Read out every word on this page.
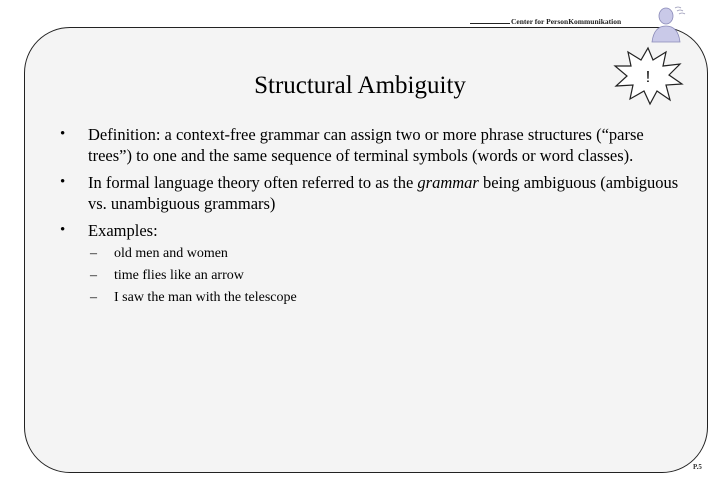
Center for PersonKommunikation
!
Structural Ambiguity
• Definition: a context-free grammar can assign two or more phrase structures (“parse trees”) to one and the same sequence of terminal symbols (words or word classes).
• In formal language theory often referred to as the grammar being ambiguous (ambiguous vs. unambiguous grammars)
• Examples:
– old men and women
– time flies like an arrow
– I saw the man with the telescope
P.5
